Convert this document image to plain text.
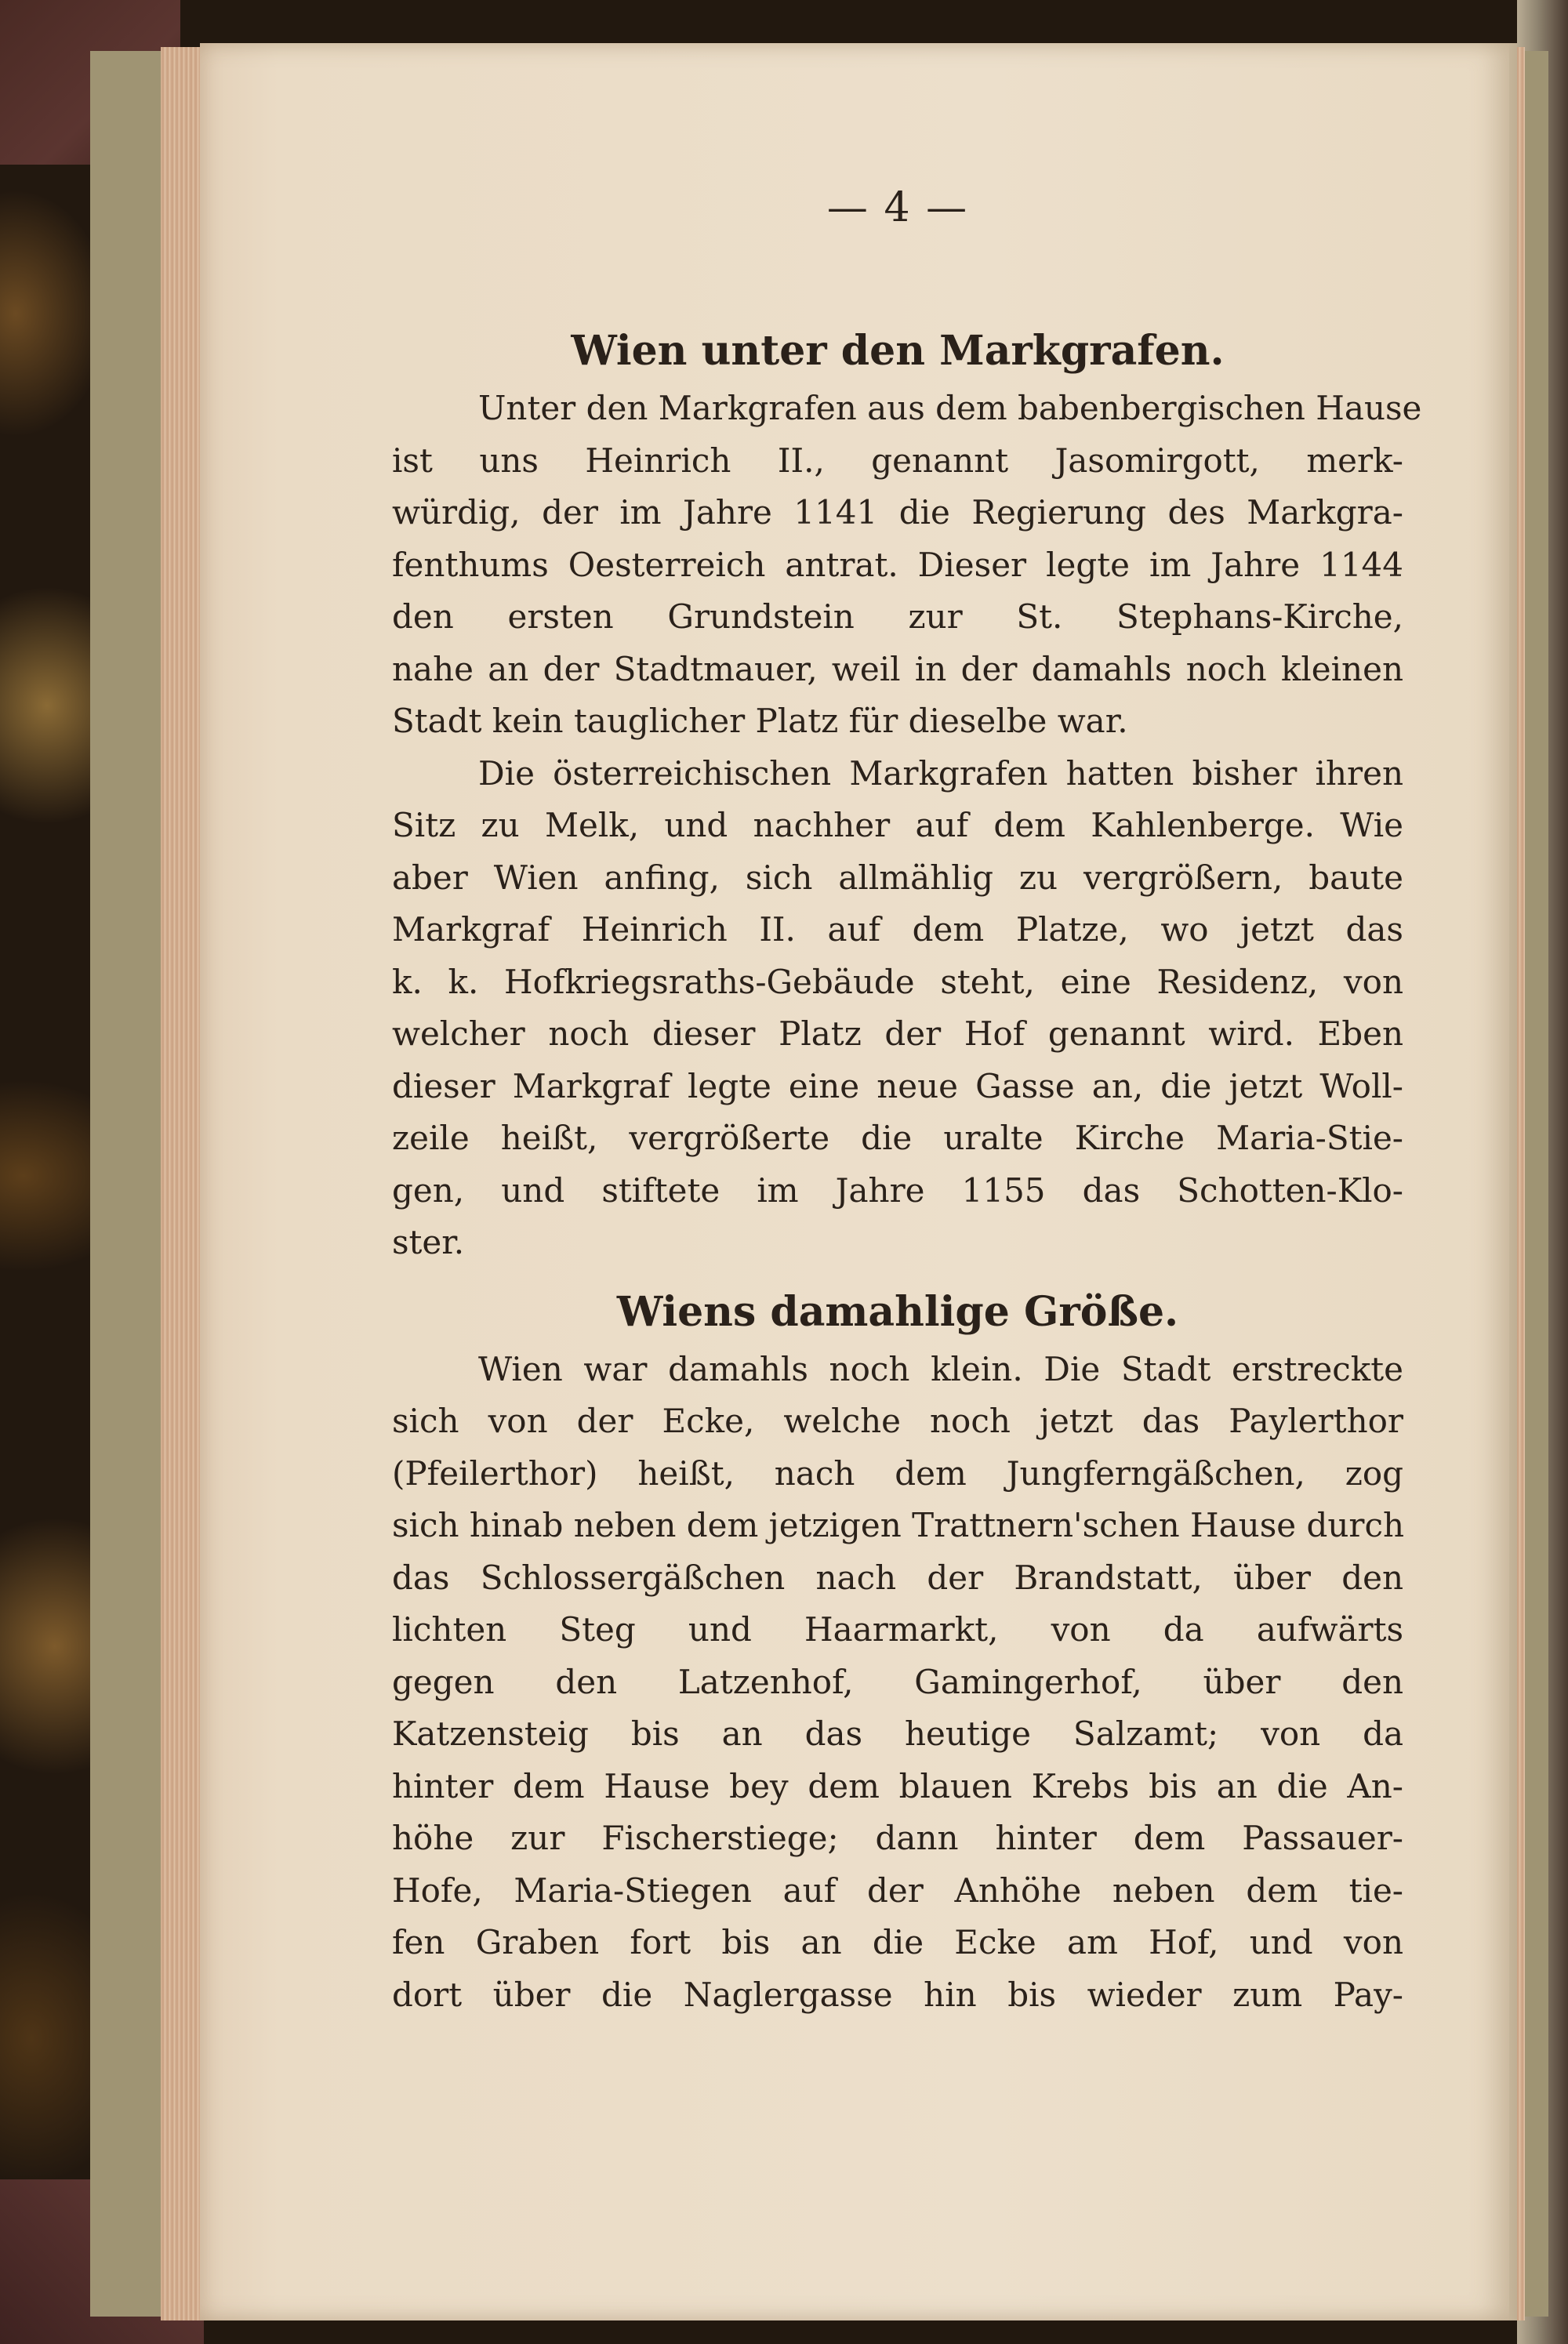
— 4 —
Wien unter den Markgrafen.
Unter den Markgrafen aus dem babenbergischen Hause
ist uns Heinrich II., genannt Jasomirgott, merk-
würdig, der im Jahre 1141 die Regierung des Markgra-
fenthums Oesterreich antrat. Dieser legte im Jahre 1144
den ersten Grundstein zur St. Stephans-Kirche,
nahe an der Stadtmauer, weil in der damahls noch kleinen
Stadt kein tauglicher Platz für dieselbe war.
Die österreichischen Markgrafen hatten bisher ihren
Sitz zu Melk, und nachher auf dem Kahlenberge. Wie
aber Wien anfing, sich allmählig zu vergrößern, baute
Markgraf Heinrich II. auf dem Platze, wo jetzt das
k. k. Hofkriegsraths-Gebäude steht, eine Residenz, von
welcher noch dieser Platz der Hof genannt wird. Eben
dieser Markgraf legte eine neue Gasse an, die jetzt Woll-
zeile heißt, vergrößerte die uralte Kirche Maria-Stie-
gen, und stiftete im Jahre 1155 das Schotten-Klo-
ster.
Wiens damahlige Größe.
Wien war damahls noch klein. Die Stadt erstreckte
sich von der Ecke, welche noch jetzt das Paylerthor
(Pfeilerthor) heißt, nach dem Jungferngäßchen, zog
sich hinab neben dem jetzigen Trattnern'schen Hause durch
das Schlossergäßchen nach der Brandstatt, über den
lichten Steg und Haarmarkt, von da aufwärts
gegen den Latzenhof, Gamingerhof, über den
Katzensteig bis an das heutige Salzamt; von da
hinter dem Hause bey dem blauen Krebs bis an die An-
höhe zur Fischerstiege; dann hinter dem Passauer-
Hofe, Maria-Stiegen auf der Anhöhe neben dem tie-
fen Graben fort bis an die Ecke am Hof, und von
dort über die Naglergasse hin bis wieder zum Pay-
